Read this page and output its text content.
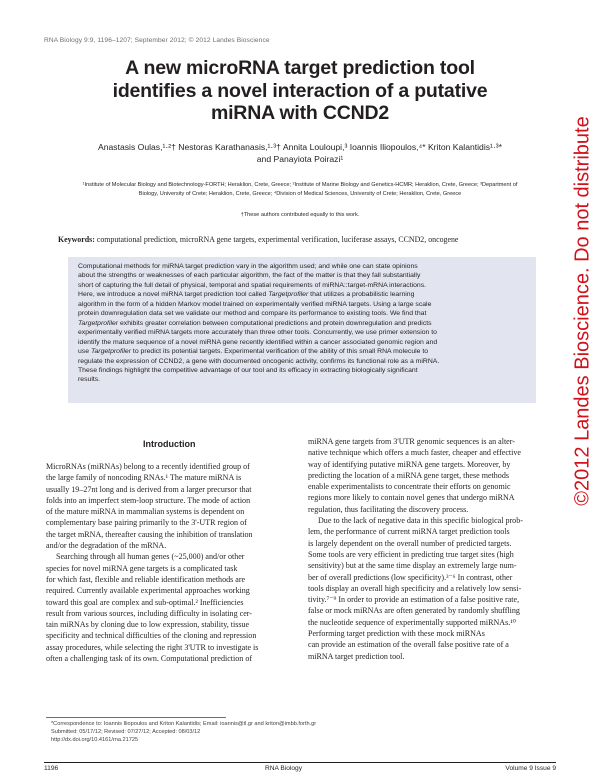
RNA Biology 9:9, 1196–1207; September 2012; © 2012 Landes Bioscience
A new microRNA target prediction tool
identifies a novel interaction of a putative
miRNA with CCND2
Anastasis Oulas,¹·²† Nestoras Karathanasis,¹·³† Annita Louloupi,³ Ioannis Iliopoulos,⁴* Kriton Kalantidis¹·³*
and Panayiota Poirazi¹
¹Institute of Molecular Biology and Biotechnology-FORTH; Heraklion, Crete, Greece; ²Institute of Marine Biology and Genetics-HCMR; Heraklion, Crete, Greece; ³Department of
Biology, University of Crete; Heraklion, Crete, Greece; ⁴Division of Medical Sciences, University of Crete; Heraklion, Crete, Greece
†These authors contributed equally to this work.
Keywords: computational prediction, microRNA gene targets, experimental verification, luciferase assays, CCND2, oncogene
Computational methods for miRNA target prediction vary in the algorithm used; and while one can state opinions
about the strengths or weaknesses of each particular algorithm, the fact of the matter is that they fall substantially
short of capturing the full detail of physical, temporal and spatial requirements of miRNA::target-mRNA interactions.
Here, we introduce a novel miRNA target prediction tool called Targetprofiler that utilizes a probabilistic learning
algorithm in the form of a hidden Markov model trained on experimentally verified miRNA targets. Using a large scale
protein downregulation data set we validate our method and compare its performance to existing tools. We find that
Targetprofiler exhibits greater correlation between computational predictions and protein downregulation and predicts
experimentally verified miRNA targets more accurately than three other tools. Concurrently, we use primer extension to
identify the mature sequence of a novel miRNA gene recently identified within a cancer associated genomic region and
use Targetprofiler to predict its potential targets. Experimental verification of the ability of this small RNA molecule to
regulate the expression of CCND2, a gene with documented oncogenic activity, confirms its functional role as a miRNA.
These findings highlight the competitive advantage of our tool and its efficacy in extracting biologically significant
results.
Introduction
MicroRNAs (miRNAs) belong to a recently identified group of
the large family of noncoding RNAs.¹ The mature miRNA is
usually 19–27nt long and is derived from a larger precursor that
folds into an imperfect stem-loop structure. The mode of action
of the mature miRNA in mammalian systems is dependent on
complementary base pairing primarily to the 3'-UTR region of
the target mRNA, thereafter causing the inhibition of translation
and/or the degradation of the mRNA.
Searching through all human genes (~25,000) and/or other
species for novel miRNA gene targets is a complicated task
for which fast, flexible and reliable identification methods are
required. Currently available experimental approaches working
toward this goal are complex and sub-optimal.² Inefficiencies
result from various sources, including difficulty in isolating cer-
tain miRNAs by cloning due to low expression, stability, tissue
specificity and technical difficulties of the cloning and repression
assay procedures, while selecting the right 3'UTR to investigate is
often a challenging task of its own. Computational prediction of
miRNA gene targets from 3'UTR genomic sequences is an alter-
native technique which offers a much faster, cheaper and effective
way of identifying putative miRNA gene targets. Moreover, by
predicting the location of a miRNA gene target, these methods
enable experimentalists to concentrate their efforts on genomic
regions more likely to contain novel genes that undergo miRNA
regulation, thus facilitating the discovery process.
Due to the lack of negative data in this specific biological prob-
lem, the performance of current miRNA target prediction tools
is largely dependent on the overall number of predicted targets.
Some tools are very efficient in predicting true target sites (high
sensitivity) but at the same time display an extremely large num-
ber of overall predictions (low specificity).³⁻⁶ In contrast, other
tools display an overall high specificity and a relatively low sensi-
tivity.⁷⁻⁹ In order to provide an estimation of a false positive rate,
false or mock miRNAs are often generated by randomly shuffling
the nucleotide sequence of experimentally supported miRNAs.¹⁰
Performing target prediction with these mock miRNAs
can provide an estimation of the overall false positive rate of a
miRNA target prediction tool.
*Correspondence to: Ioannis Iliopoulos and Kriton Kalantidis; Email: ioannis@tl.gr and kriton@imbb.forth.gr
Submitted: 05/17/12; Revised: 07/27/12; Accepted: 08/03/12
http://dx.doi.org/10.4161/rna.21725
1196	RNA Biology	Volume 9 Issue 9
©2012 Landes Bioscience. Do not distribute
